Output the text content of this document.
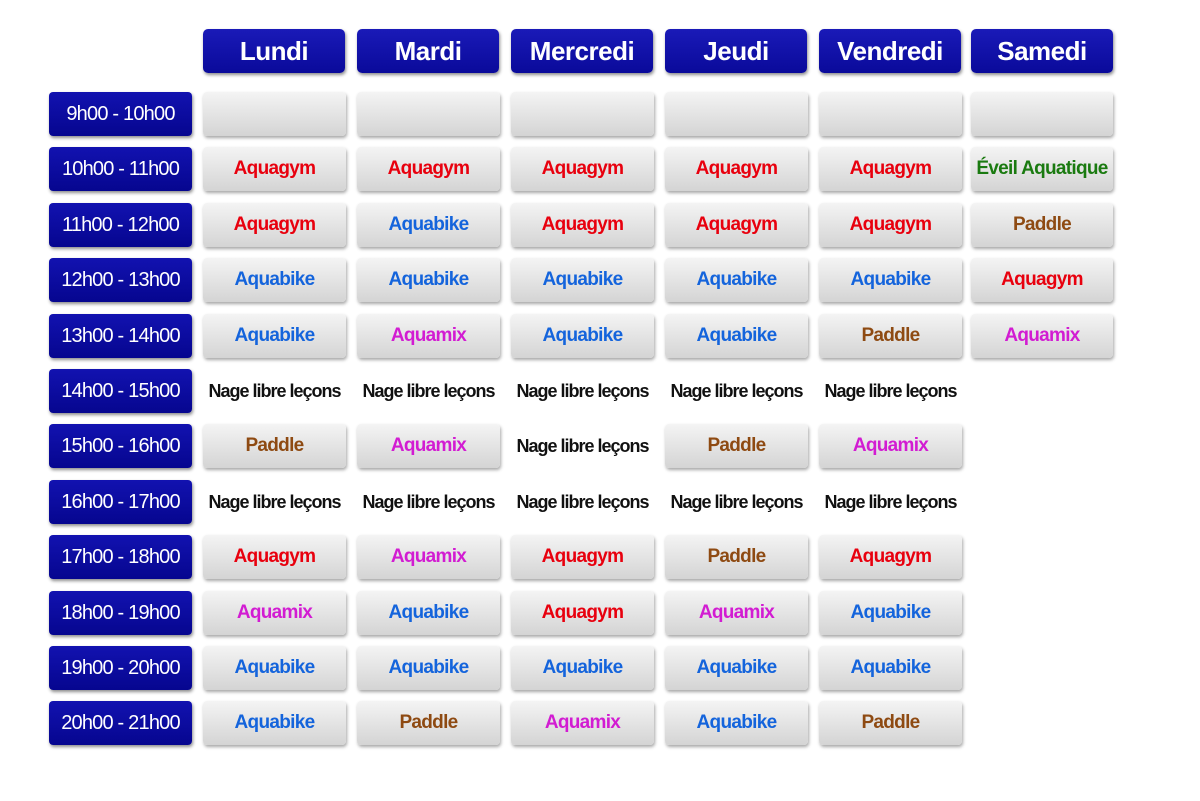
Lundi	Mardi	Mercredi	Jeudi	Vendredi	Samedi
9h00 - 10h00
10h00 - 11h00	Aquagym	Aquagym	Aquagym	Aquagym	Aquagym	Éveil Aquatique
11h00 - 12h00	Aquagym	Aquabike	Aquagym	Aquagym	Aquagym	Paddle
12h00 - 13h00	Aquabike	Aquabike	Aquabike	Aquabike	Aquabike	Aquagym
13h00 - 14h00	Aquabike	Aquamix	Aquabike	Aquabike	Paddle	Aquamix
14h00 - 15h00	Nage libre leçons	Nage libre leçons	Nage libre leçons	Nage libre leçons	Nage libre leçons
15h00 - 16h00	Paddle	Aquamix	Nage libre leçons	Paddle	Aquamix
16h00 - 17h00	Nage libre leçons	Nage libre leçons	Nage libre leçons	Nage libre leçons	Nage libre leçons
17h00 - 18h00	Aquagym	Aquamix	Aquagym	Paddle	Aquagym
18h00 - 19h00	Aquamix	Aquabike	Aquagym	Aquamix	Aquabike
19h00 - 20h00	Aquabike	Aquabike	Aquabike	Aquabike	Aquabike
20h00 - 21h00	Aquabike	Paddle	Aquamix	Aquabike	Paddle
